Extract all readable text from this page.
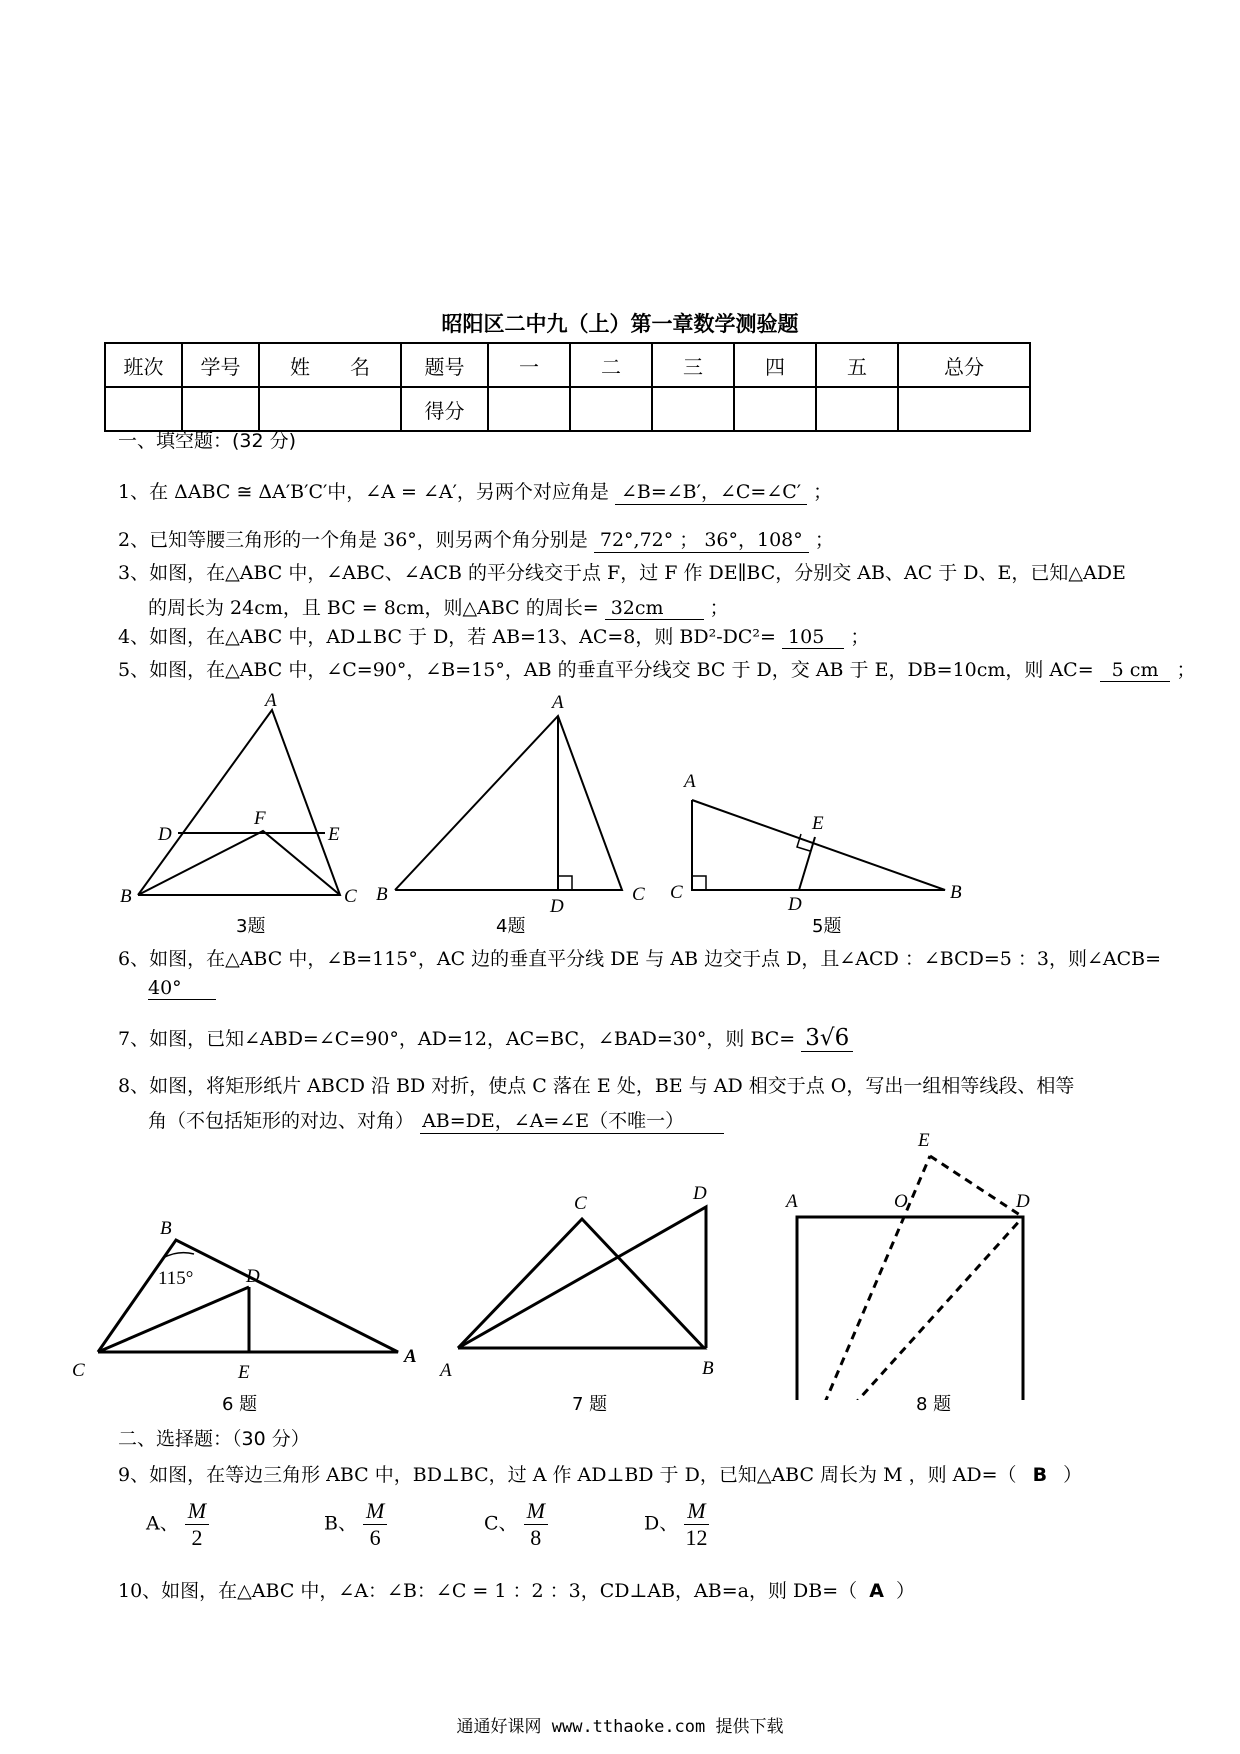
昭阳区二中九（上）第一章数学测验题
班次	学号	姓　　名	题号	一	二	三	四	五	总分
			得分						
一、填空题：(32 分)
1、在 ΔABC ≅ ΔA′B′C′中，∠A = ∠A′，另两个对应角是 ∠B=∠B′，∠C=∠C′ ；
2、已知等腰三角形的一个角是 36°，则另两个角分别是 72°,72° ； 36°，108° ；
3、如图，在△ABC 中，∠ABC、∠ACB 的平分线交于点 F，过 F 作 DE∥BC，分别交 AB、AC 于 D、E，已知△ADE
的周长为 24cm，且 BC = 8cm，则△ABC 的周长= 32cm ；
4、如图，在△ABC 中，AD⊥BC 于 D，若 AB=13、AC=8，则 BD²-DC²= 105 ；
5、如图，在△ABC 中，∠C=90°，∠B=15°，AB 的垂直平分线交 BC 于 D，交 AB 于 E，DB=10cm，则 AC= 5 cm ；
A
D
F
E
B	C
A
B
D
C
A
E
C
D
B
3题	4题	5题
6、如图，在△ABC 中，∠B=115°，AC 边的垂直平分线 DE 与 AB 边交于点 D，且∠ACD ：∠BCD=5 ：3，则∠ACB=
40°
7、如图，已知∠ABD=∠C=90°，AD=12，AC=BC，∠BAD=30°，则 BC= 3√6
8、如图，将矩形纸片 ABCD 沿 BD 对折，使点 C 落在 E 处，BE 与 AD 相交于点 O，写出一组相等线段、相等
角（不包括矩形的对边、对角） AB=DE，∠A=∠E（不唯一）
B
115°	D
C	E
A
C	D
A	B
E
A	O	D
6 题	7 题	8 题
二、选择题：（30 分）
9、如图，在等边三角形 ABC 中，BD⊥BC，过 A 作 AD⊥BD 于 D，已知△ABC 周长为 M ，则 AD=（ B ）
A、 $\frac{M}{2}$	B、 $\frac{M}{6}$	C、 $\frac{M}{8}$	D、 $\frac{M}{12}$
10、如图，在△ABC 中，∠A：∠B：∠C = 1 ：2 ：3，CD⊥AB，AB=a，则 DB=（ A ）
通通好课网 www.tthaoke.com 提供下载
